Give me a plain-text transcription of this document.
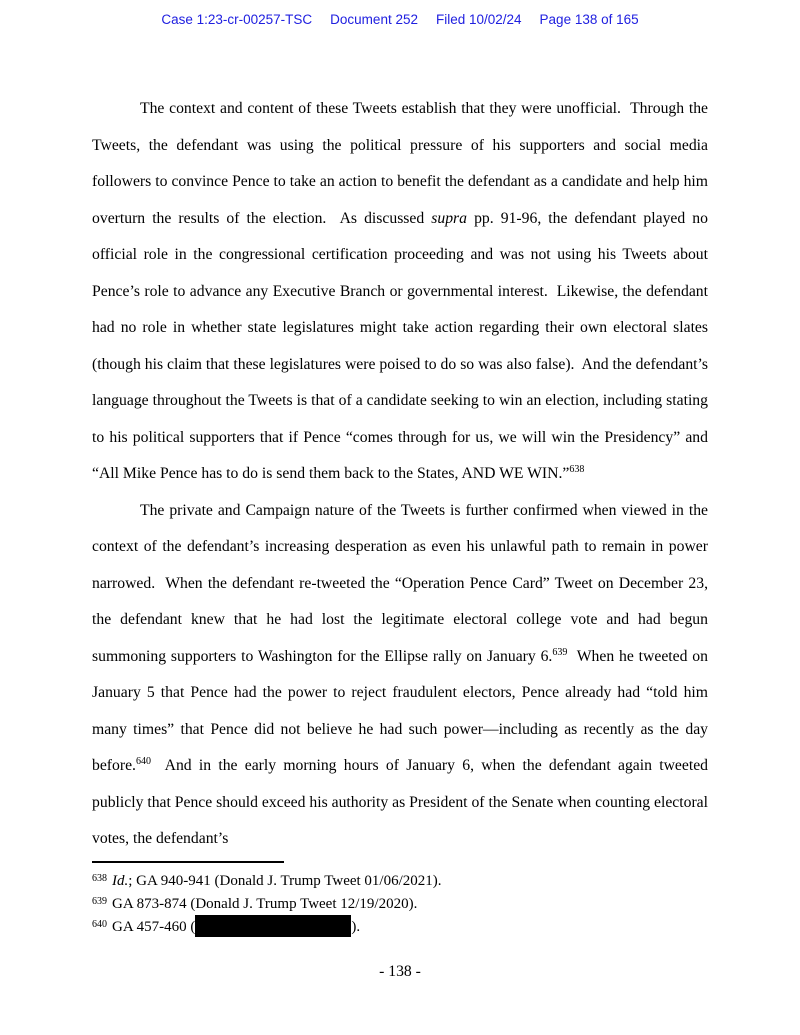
Case 1:23-cr-00257-TSC Document 252 Filed 10/02/24 Page 138 of 165

The context and content of these Tweets establish that they were unofficial.  Through the Tweets, the defendant was using the political pressure of his supporters and social media followers to convince Pence to take an action to benefit the defendant as a candidate and help him overturn the results of the election.  As discussed supra pp. 91-96, the defendant played no official role in the congressional certification proceeding and was not using his Tweets about Pence’s role to advance any Executive Branch or governmental interest.  Likewise, the defendant had no role in whether state legislatures might take action regarding their own electoral slates (though his claim that these legislatures were poised to do so was also false).  And the defendant’s language throughout the Tweets is that of a candidate seeking to win an election, including stating to his political supporters that if Pence “comes through for us, we will win the Presidency” and “All Mike Pence has to do is send them back to the States, AND WE WIN.”$^{638}$

The private and Campaign nature of the Tweets is further confirmed when viewed in the context of the defendant’s increasing desperation as even his unlawful path to remain in power narrowed.  When the defendant re-tweeted the “Operation Pence Card” Tweet on December 23, the defendant knew that he had lost the legitimate electoral college vote and had begun summoning supporters to Washington for the Ellipse rally on January 6.$^{639}$  When he tweeted on January 5 that Pence had the power to reject fraudulent electors, Pence already had “told him many times” that Pence did not believe he had such power—including as recently as the day before.$^{640}$  And in the early morning hours of January 6, when the defendant again tweeted publicly that Pence should exceed his authority as President of the Senate when counting electoral votes, the defendant’s

$^{638}$ Id.; GA 940-941 (Donald J. Trump Tweet 01/06/2021).

$^{639}$ GA 873-874 (Donald J. Trump Tweet 12/19/2020).

$^{640}$ GA 457-460 (	).

- 138 -
